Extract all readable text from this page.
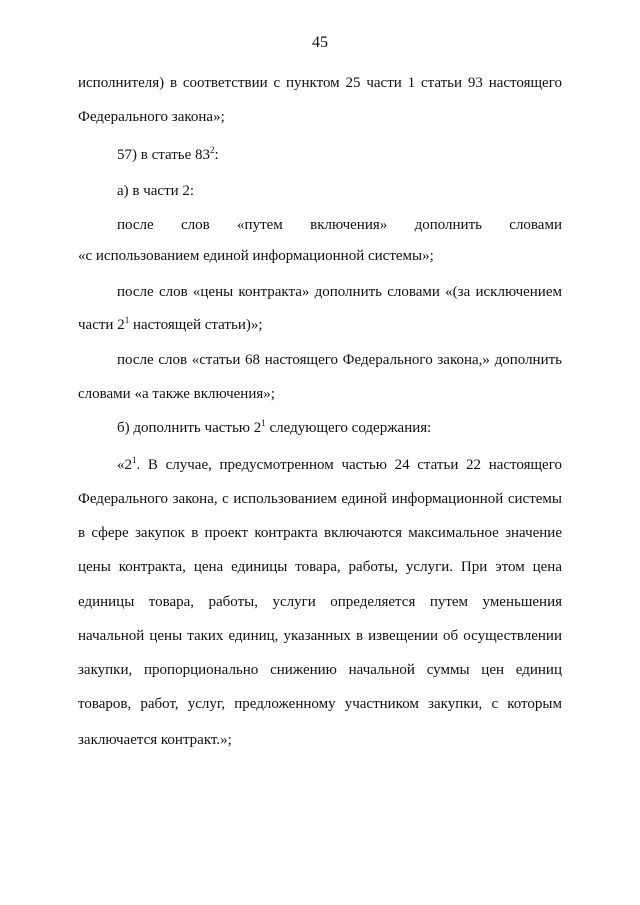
45
исполнителя) в соответствии с пунктом 25 части 1 статьи 93 настоящего
Федерального закона»;
57) в статье $83^2$:
а) в части 2:
после слов «путем включения» дополнить словами
«с использованием единой информационной системы»;
после слов «цены контракта» дополнить словами «(за исключением
части $2^1$ настоящей статьи)»;
после слов «статьи 68 настоящего Федерального закона,» дополнить
словами «а также включения»;
б) дополнить частью $2^1$ следующего содержания:
«$2^1$. В случае, предусмотренном частью 24 статьи 22 настоящего
Федерального закона, с использованием единой информационной системы
в сфере закупок в проект контракта включаются максимальное значение
цены контракта, цена единицы товара, работы, услуги. При этом цена
единицы товара, работы, услуги определяется путем уменьшения
начальной цены таких единиц, указанных в извещении об осуществлении
закупки, пропорционально снижению начальной суммы цен единиц
товаров, работ, услуг, предложенному участником закупки, с которым
заключается контракт.»;
